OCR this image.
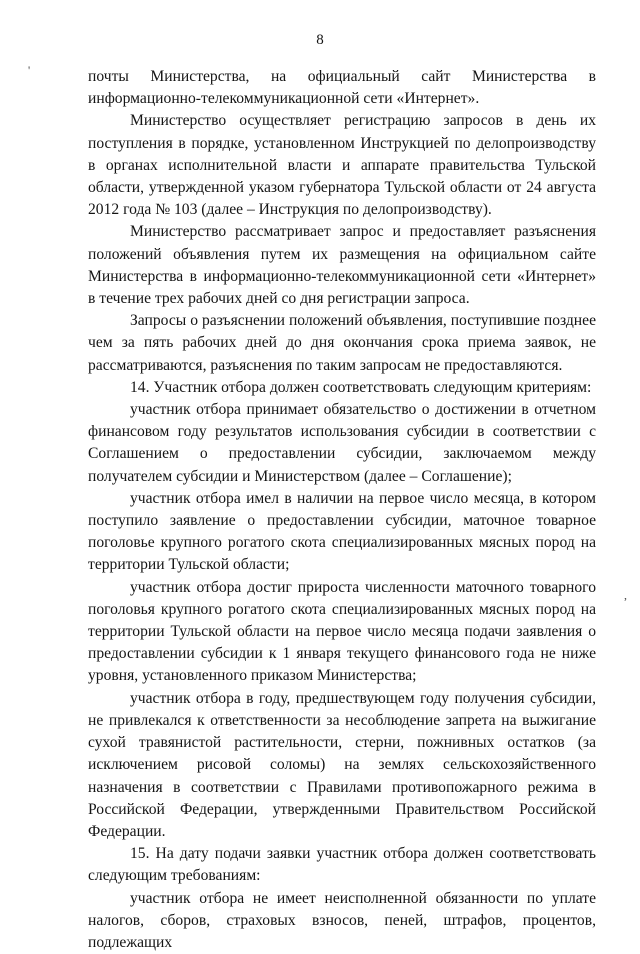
8
'
,

почты Министерства, на официальный сайт Министерства в информационно-телекоммуникационной сети «Интернет».

Министерство осуществляет регистрацию запросов в день их поступления в порядке, установленном Инструкцией по делопроизводству в органах исполнительной власти и аппарате правительства Тульской области, утвержденной указом губернатора Тульской области от 24 августа 2012 года № 103 (далее – Инструкция по делопроизводству).

Министерство рассматривает запрос и предоставляет разъяснения положений объявления путем их размещения на официальном сайте Министерства в информационно-телекоммуникационной сети «Интернет» в течение трех рабочих дней со дня регистрации запроса.

Запросы о разъяснении положений объявления, поступившие позднее чем за пять рабочих дней до дня окончания срока приема заявок, не рассматриваются, разъяснения по таким запросам не предоставляются.

14. Участник отбора должен соответствовать следующим критериям:

участник отбора принимает обязательство о достижении в отчетном финансовом году результатов использования субсидии в соответствии с Соглашением о предоставлении субсидии, заключаемом между получателем субсидии и Министерством (далее – Соглашение);

участник отбора имел в наличии на первое число месяца, в котором поступило заявление о предоставлении субсидии, маточное товарное поголовье крупного рогатого скота специализированных мясных пород на территории Тульской области;

участник отбора достиг прироста численности маточного товарного поголовья крупного рогатого скота специализированных мясных пород на территории Тульской области на первое число месяца подачи заявления о предоставлении субсидии к 1 января текущего финансового года не ниже уровня, установленного приказом Министерства;

участник отбора в году, предшествующем году получения субсидии, не привлекался к ответственности за несоблюдение запрета на выжигание сухой травянистой растительности, стерни, пожнивных остатков (за исключением рисовой соломы) на землях сельскохозяйственного назначения в соответствии с Правилами противопожарного режима в Российской Федерации, утвержденными Правительством Российской Федерации.

15. На дату подачи заявки участник отбора должен соответствовать следующим требованиям:

участник отбора не имеет неисполненной обязанности по уплате налогов, сборов, страховых взносов, пеней, штрафов, процентов, подлежащих
